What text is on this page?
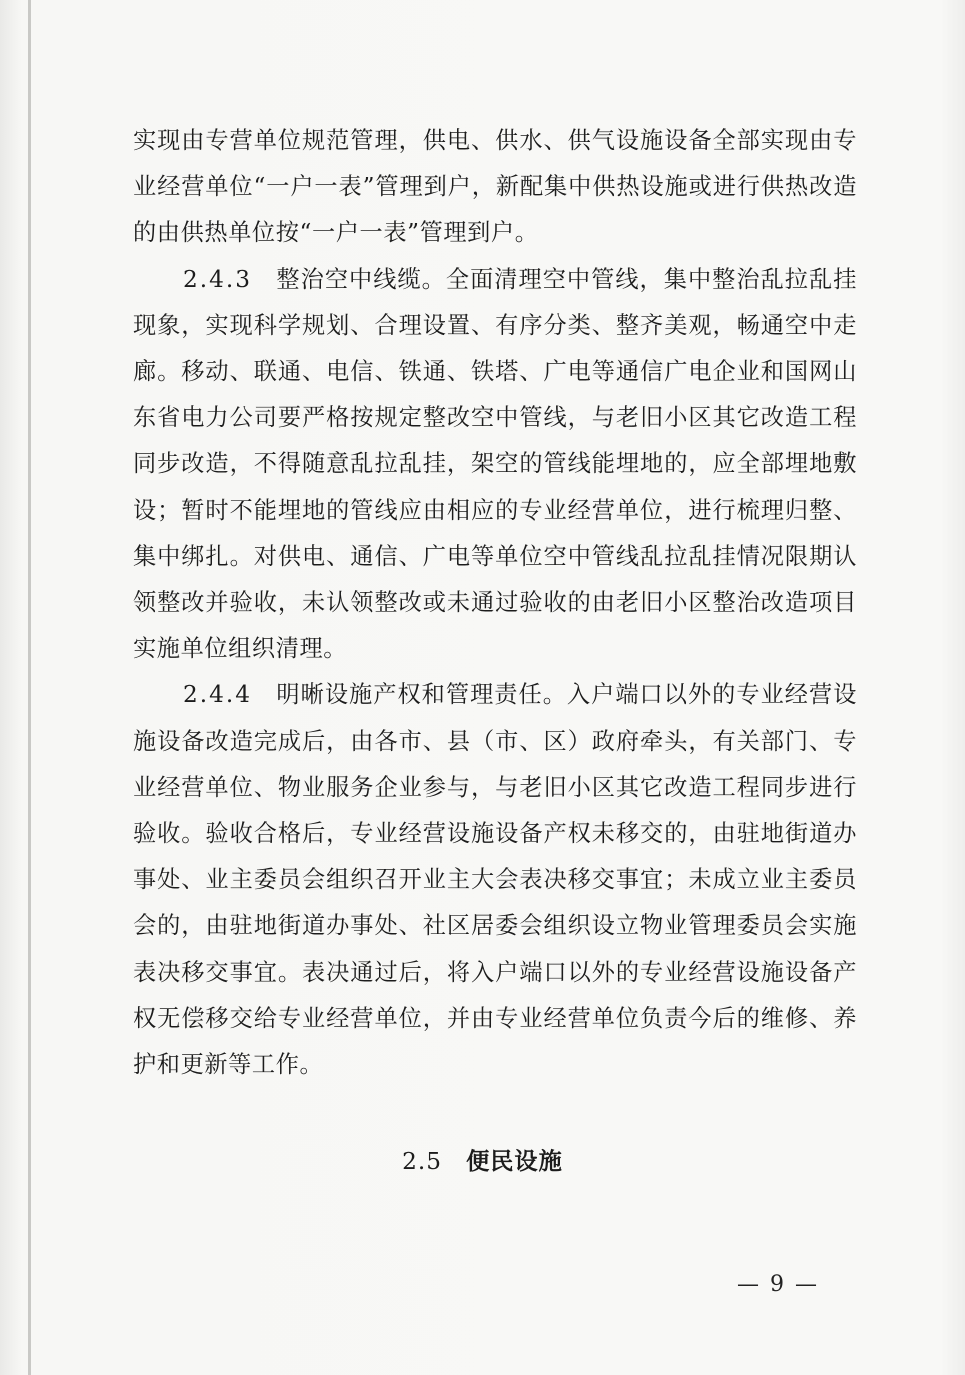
实现由专营单位规范管理，供电、供水、供气设施设备全部实现由专业经营单位“一户一表”管理到户，新配集中供热设施或进行供热改造的由供热单位按“一户一表”管理到户。

2.4.3 整治空中线缆。全面清理空中管线，集中整治乱拉乱挂现象，实现科学规划、合理设置、有序分类、整齐美观，畅通空中走廊。移动、联通、电信、铁通、铁塔、广电等通信广电企业和国网山东省电力公司要严格按规定整改空中管线，与老旧小区其它改造工程同步改造，不得随意乱拉乱挂，架空的管线能埋地的，应全部埋地敷设；暂时不能埋地的管线应由相应的专业经营单位，进行梳理归整、集中绑扎。对供电、通信、广电等单位空中管线乱拉乱挂情况限期认领整改并验收，未认领整改或未通过验收的由老旧小区整治改造项目实施单位组织清理。

2.4.4 明晰设施产权和管理责任。入户端口以外的专业经营设施设备改造完成后，由各市、县（市、区）政府牵头，有关部门、专业经营单位、物业服务企业参与，与老旧小区其它改造工程同步进行验收。验收合格后，专业经营设施设备产权未移交的，由驻地街道办事处、业主委员会组织召开业主大会表决移交事宜；未成立业主委员会的，由驻地街道办事处、社区居委会组织设立物业管理委员会实施表决移交事宜。表决通过后，将入户端口以外的专业经营设施设备产权无偿移交给专业经营单位，并由专业经营单位负责今后的维修、养护和更新等工作。

2.5 便民设施
— 9 —
